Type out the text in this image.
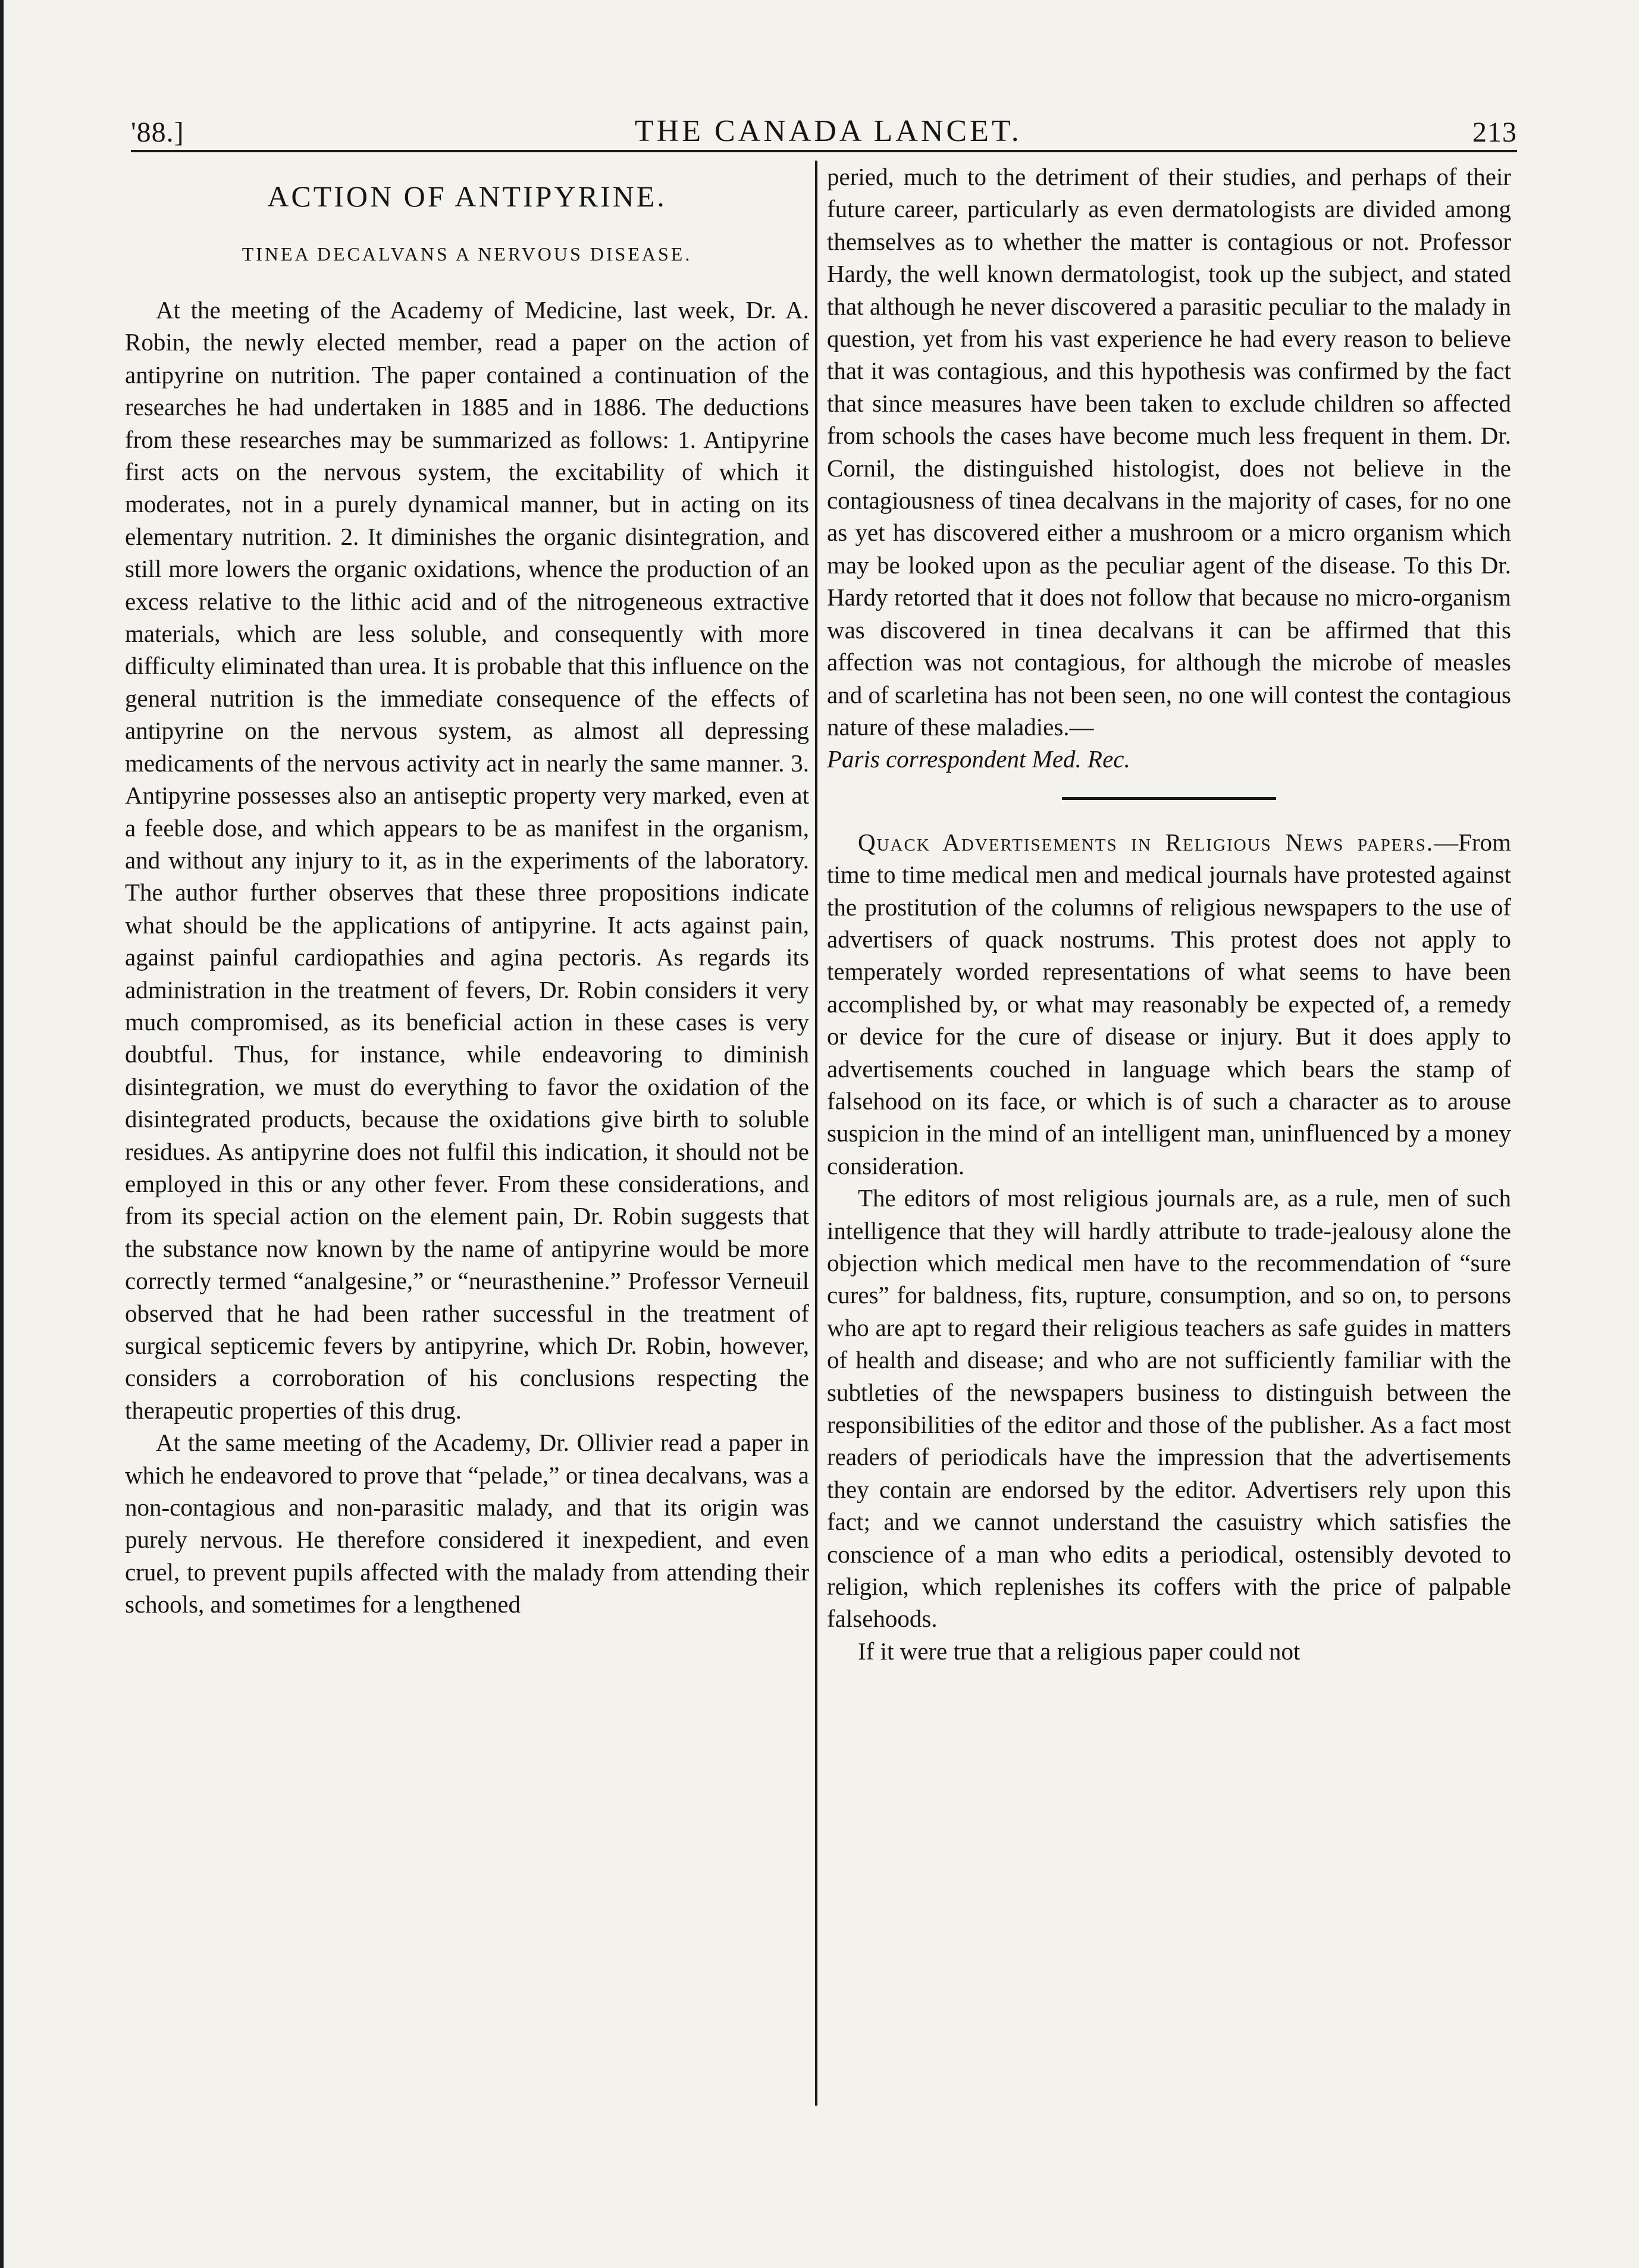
'88.]	THE CANADA LANCET.	213
ACTION OF ANTIPYRINE.
TINEA DECALVANS A NERVOUS DISEASE.

At the meeting of the Academy of Medicine, last week, Dr. A. Robin, the newly elected member, read a paper on the action of antipyrine on nutrition. The paper contained a continuation of the researches he had undertaken in 1885 and in 1886. The deductions from these researches may be summarized as follows: 1. Antipyrine first acts on the nervous system, the excitability of which it moderates, not in a purely dynamical manner, but in acting on its elementary nutrition. 2. It diminishes the organic disintegration, and still more lowers the organic oxidations, whence the production of an excess relative to the lithic acid and of the nitrogeneous extractive materials, which are less soluble, and consequently with more difficulty eliminated than urea. It is probable that this influence on the general nutrition is the immediate consequence of the effects of antipyrine on the nervous system, as almost all depressing medicaments of the nervous activity act in nearly the same manner. 3. Antipyrine possesses also an antiseptic property very marked, even at a feeble dose, and which appears to be as manifest in the organism, and without any injury to it, as in the experiments of the laboratory. The author further observes that these three propositions indicate what should be the applications of antipyrine. It acts against pain, against painful cardiopathies and agina pectoris. As regards its administration in the treatment of fevers, Dr. Robin considers it very much compromised, as its beneficial action in these cases is very doubtful. Thus, for instance, while endeavoring to diminish disintegration, we must do everything to favor the oxidation of the disintegrated products, because the oxidations give birth to soluble residues. As antipyrine does not fulfil this indication, it should not be employed in this or any other fever. From these considerations, and from its special action on the element pain, Dr. Robin suggests that the substance now known by the name of antipyrine would be more correctly termed “analgesine,” or “neurasthenine.” Professor Verneuil observed that he had been rather successful in the treatment of surgical septicemic fevers by antipyrine, which Dr. Robin, however, considers a corroboration of his conclusions respecting the therapeutic properties of this drug.

At the same meeting of the Academy, Dr. Ollivier read a paper in which he endeavored to prove that “pelade,” or tinea decalvans, was a non-contagious and non-parasitic malady, and that its origin was purely nervous. He therefore considered it inexpedient, and even cruel, to prevent pupils affected with the malady from attending their schools, and sometimes for a lengthened

peried, much to the detriment of their studies, and perhaps of their future career, particularly as even dermatologists are divided among themselves as to whether the matter is contagious or not. Professor Hardy, the well known dermatologist, took up the subject, and stated that although he never discovered a parasitic peculiar to the malady in question, yet from his vast experience he had every reason to believe that it was contagious, and this hypothesis was confirmed by the fact that since measures have been taken to exclude children so affected from schools the cases have become much less frequent in them. Dr. Cornil, the distinguished histologist, does not believe in the contagiousness of tinea decalvans in the majority of cases, for no one as yet has discovered either a mushroom or a micro organism which may be looked upon as the peculiar agent of the disease. To this Dr. Hardy retorted that it does not follow that because no micro-organism was discovered in tinea decalvans it can be affirmed that this affection was not contagious, for although the microbe of measles and of scarletina has not been seen, no one will contest the contagious nature of these maladies.—

Paris correspondent Med. Rec.

Quack Advertisements in Religious News papers.—From time to time medical men and medical journals have protested against the prostitution of the columns of religious newspapers to the use of advertisers of quack nostrums. This protest does not apply to temperately worded representations of what seems to have been accomplished by, or what may reasonably be expected of, a remedy or device for the cure of disease or injury. But it does apply to advertisements couched in language which bears the stamp of falsehood on its face, or which is of such a character as to arouse suspicion in the mind of an intelligent man, uninfluenced by a money consideration.

The editors of most religious journals are, as a rule, men of such intelligence that they will hardly attribute to trade-jealousy alone the objection which medical men have to the recommendation of “sure cures” for baldness, fits, rupture, consumption, and so on, to persons who are apt to regard their religious teachers as safe guides in matters of health and disease; and who are not sufficiently familiar with the subtleties of the newspapers business to distinguish between the responsibilities of the editor and those of the publisher. As a fact most readers of periodicals have the impression that the advertisements they contain are endorsed by the editor. Advertisers rely upon this fact; and we cannot understand the casuistry which satisfies the conscience of a man who edits a periodical, ostensibly devoted to religion, which replenishes its coffers with the price of palpable falsehoods.

If it were true that a religious paper could not
